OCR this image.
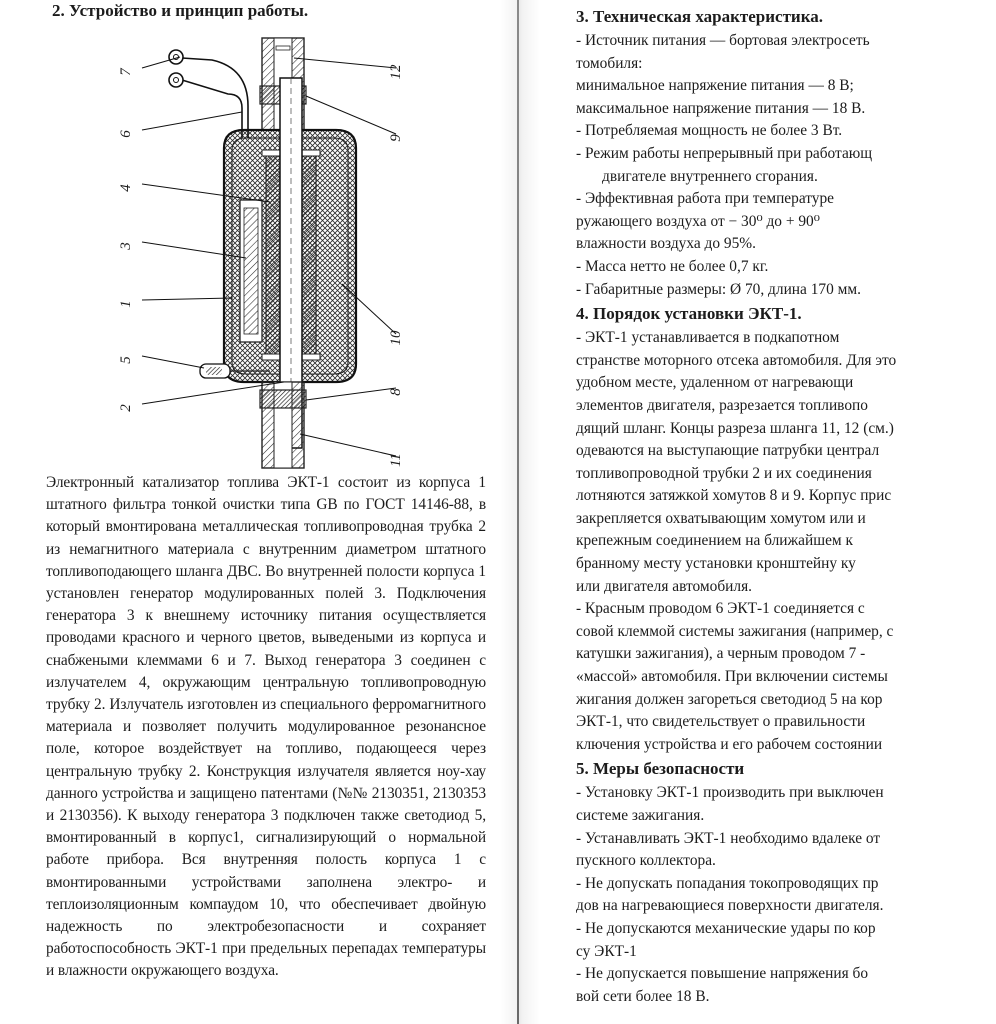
2. Устройство и принцип работы.
7
6
4
3
1
5
2
12
9
10
8
11

Электронный катализатор топлива ЭКТ-1 состоит из корпуса 1 штатного фильтра тонкой очистки типа GB по ГОСТ 14146-88, в который вмонтирована металлическая топливопроводная трубка 2 из немагнитного материала с внутренним диаметром штатного топливоподающего шланга ДВС. Во внутренней полости корпуса 1 установлен генератор модулированных полей 3. Подключения генератора 3 к внешнему источнику питания осуществляется проводами красного и черного цветов, выведеными из корпуса и снабжеными клеммами 6 и 7. Выход генератора 3 соединен с излучателем 4, окружающим центральную топливопроводную трубку 2. Излучатель изготовлен из специального ферромагнитного материала и позволяет получить модулированное резонансное поле, которое воздействует на топливо, подающееся через центральную трубку 2. Конструкция излучателя является ноу-хау данного устройства и защищено патентами (№№ 2130351, 2130353 и 2130356). К выходу генератора 3 подключен также светодиод 5, вмонтированный в корпус1, сигнализирующий о нормальной работе прибора. Вся внутренняя полость корпуса 1 с вмонтированными устройствами заполнена электро- и теплоизоляционным компаудом 10, что обеспечивает двойную надежность по электробезопасности и сохраняет работоспособность ЭКТ-1 при предельных перепадах температуры и влажности окружающего воздуха.

3. Техническая характеристика.
‑ Источник питания — бортовая электросеть
томобиля:
минимальное напряжение питания — 8 В;
максимальное напряжение питания — 18 В.
‑ Потребляемая мощность не более 3 Вт.
‑ Режим работы непрерывный при работающ
двигателе внутреннего сгорания.
‑ Эффективная работа при температуре
ружающего воздуха от − 30⁰ до + 90⁰
влажности воздуха до 95%.
‑ Масса нетто не более 0,7 кг.
‑ Габаритные размеры: Ø 70, длина 170 мм.
4. Порядок установки ЭКТ-1.
‑ ЭКТ-1 устанавливается в подкапотном
странстве моторного отсека автомобиля. Для это
удобном месте, удаленном от нагревающи
элементов двигателя, разрезается топливопо
дящий шланг. Концы разреза шланга 11, 12 (см.)
одеваются на выступающие патрубки централ
топливопроводной трубки 2 и их соединения
лотняются затяжкой хомутов 8 и 9. Корпус прис
закрепляется охватывающим хомутом или и
крепежным соединением на ближайшем к
бранному месту установки кронштейну ку
или двигателя автомобиля.
‑ Красным проводом 6 ЭКТ-1 соединяется с
совой клеммой системы зажигания (например, с
катушки зажигания), а черным проводом 7 -
«массой» автомобиля. При включении системы
жигания должен загореться светодиод 5 на кор
ЭКТ-1, что свидетельствует о правильности
ключения устройства и его рабочем состоянии
5. Меры безопасности
‑ Установку ЭКТ-1 производить при выключен
системе зажигания.
‑ Устанавливать ЭКТ-1 необходимо вдалеке от
пускного коллектора.
‑ Не допускать попадания токопроводящих пр
дов на нагревающиеся поверхности двигателя.
‑ Не допускаются механические удары по кор
су ЭКТ-1
‑ Не допускается повышение напряжения бо
вой сети более 18 В.
